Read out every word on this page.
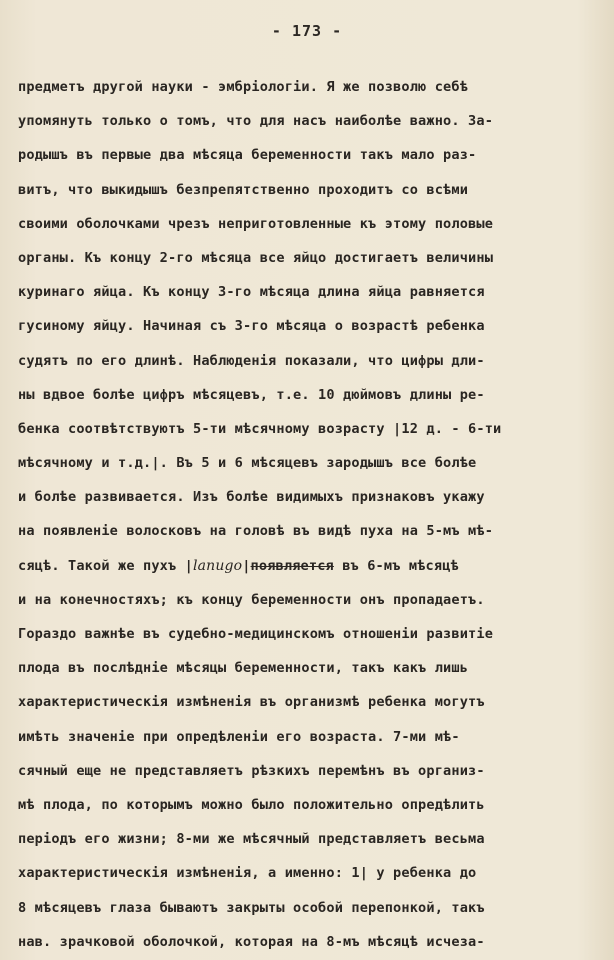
- 173 -
предметъ другой науки - эмбрiологiи. Я же позволю себѣ
упомянуть только о томъ, что для насъ наиболѣе важно. За-
родышъ въ первые два мѣсяца беременности такъ мало раз-
витъ, что выкидышъ безпрепятственно проходитъ со всѣми
своими оболочками чрезъ неприготовленные къ этому половые
органы. Къ концу 2-го мѣсяца все яйцо достигаетъ величины
куринаго яйца. Къ концу 3-го мѣсяца длина яйца равняется
гусиному яйцу. Начиная съ 3-го мѣсяца о возрастѣ ребенка
судятъ по его длинѣ. Наблюденiя показали, что цифры дли-
ны вдвое болѣе цифръ мѣсяцевъ, т.е. 10 дюймовъ длины ре-
бенка соотвѣтствуютъ 5-ти мѣсячному возрасту |12 д. - 6-ти
мѣсячному и т.д.|. Въ 5 и 6 мѣсяцевъ зародышъ все болѣе
и болѣе развивается. Изъ болѣе видимыхъ признаковъ укажу
на появленiе волосковъ на головѣ въ видѣ пуха на 5-мъ мѣ-
сяцѣ. Такой же пухъ |lanugo|появляется въ 6-мъ мѣсяцѣ
и на конечностяхъ; къ концу беременности онъ пропадаетъ.
Гораздо важнѣе въ судебно-медицинскомъ отношенiи развитiе
плода въ послѣднiе мѣсяцы беременности, такъ какъ лишь
характеристическiя измѣненiя въ организмѣ ребенка могутъ
имѣть значенiе при опредѣленiи его возраста. 7-ми мѣ-
сячный еще не представляетъ рѣзкихъ перемѣнъ въ организ-
мѣ плода, по которымъ можно было положительно опредѣлить
перiодъ его жизни; 8-ми же мѣсячный представляетъ весьма
характеристическiя измѣненiя, а именно: 1| у ребенка до
8 мѣсяцевъ глаза бываютъ закрыты особой перепонкой, такъ
нав. зрачковой оболочкой, которая на 8-мъ мѣсяцѣ исчеза-
